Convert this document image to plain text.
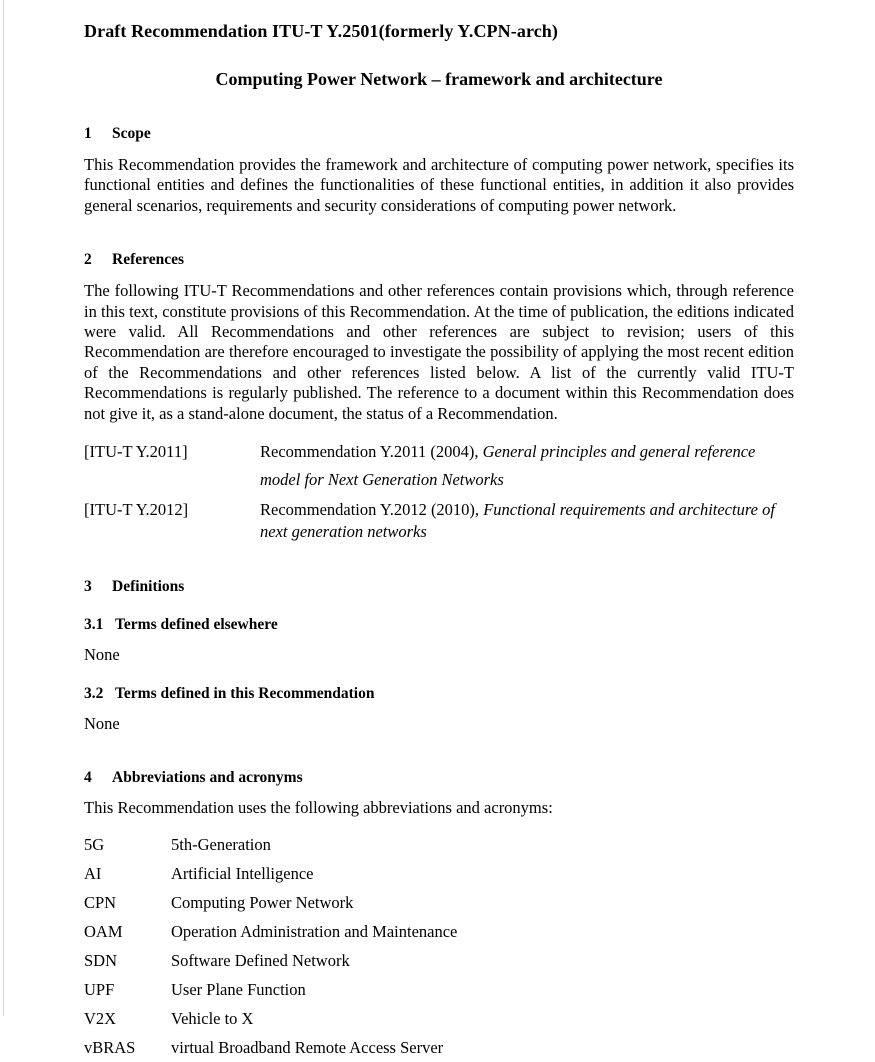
Draft Recommendation ITU-T Y.2501(formerly Y.CPN-arch)
Computing Power Network – framework and architecture
1	Scope
This Recommendation provides the framework and architecture of computing power network, specifies its functional entities and defines the functionalities of these functional entities, in addition it also provides general scenarios, requirements and security considerations of computing power network.
2	References
The following ITU-T Recommendations and other references contain provisions which, through reference in this text, constitute provisions of this Recommendation. At the time of publication, the editions indicated were valid. All Recommendations and other references are subject to revision; users of this Recommendation are therefore encouraged to investigate the possibility of applying the most recent edition of the Recommendations and other references listed below. A list of the currently valid ITU-T Recommendations is regularly published. The reference to a document within this Recommendation does not give it, as a stand-alone document, the status of a Recommendation.
[ITU-T Y.2011]	Recommendation Y.2011 (2004), General principles and general reference model for Next Generation Networks
[ITU-T Y.2012]	Recommendation Y.2012 (2010), Functional requirements and architecture of next generation networks
3	Definitions
3.1 Terms defined elsewhere
None
3.2 Terms defined in this Recommendation
None
4	Abbreviations and acronyms
This Recommendation uses the following abbreviations and acronyms:
5G	5th-Generation
AI	Artificial Intelligence
CPN	Computing Power Network
OAM	Operation Administration and Maintenance
SDN	Software Defined Network
UPF	User Plane Function
V2X	Vehicle to X
vBRAS	virtual Broadband Remote Access Server
